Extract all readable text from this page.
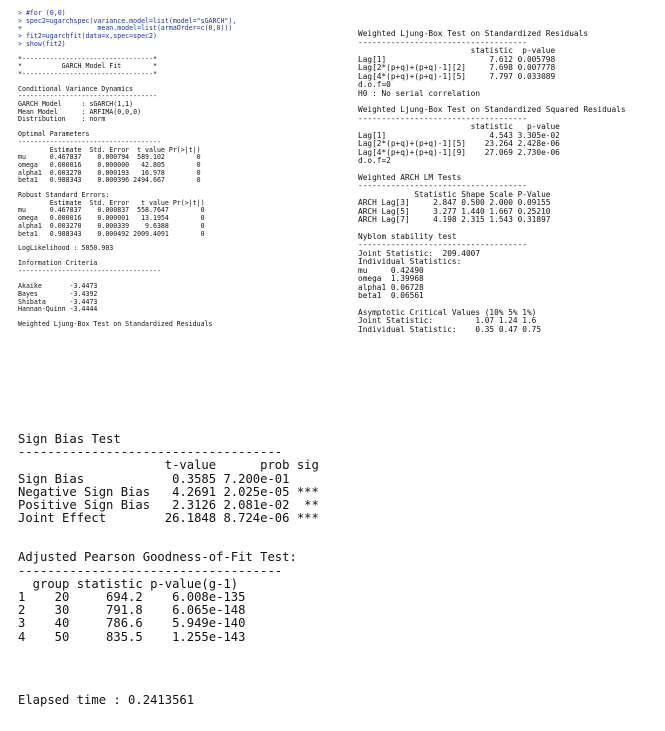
> #for (0,0)
> spec2=ugarchspec(variance.model=list(model="sGARCH"),
+                   mean.model=list(armaOrder=c(0,0)))
> fit2=ugarchfit(data=x,spec=spec2)
> show(fit2)
*---------------------------------*
*          GARCH Model Fit        *
*---------------------------------*
Conditional Variance Dynamics
-----------------------------------
GARCH Model     : sGARCH(1,1)
Mean Model      : ARFIMA(0,0,0)
Distribution    : norm
Optimal Parameters
------------------------------------
Estimate  Std. Error  t value Pr(>|t|)
mu      0.467837    0.000794  589.102        0
omega   0.000016    0.000000   42.805        0
alpha1  0.003270    0.000193   16.978        0
beta1   0.988343    0.000396 2494.667        0
Robust Standard Errors:
Estimate  Std. Error   t value Pr(>|t|)
mu      0.467837    0.000837  558.7647        0
omega   0.000016    0.000001   13.1954        0
alpha1  0.003270    0.000339    9.6388        0
beta1   0.988343    0.000492 2009.4091        0
LogLikelihood : 5050.903
Information Criteria
------------------------------------

Akaike       -3.4473
Bayes        -3.4392
Shibata      -3.4473
Hannan-Quinn -3.4444
Weighted Ljung-Box Test on Standardized Residuals
Weighted Ljung-Box Test on Standardized Residuals
------------------------------------
statistic  p-value
Lag[1]                      7.612 0.005798
Lag[2*(p+q)+(p+q)-1][2]     7.698 0.007778
Lag[4*(p+q)+(p+q)-1][5]     7.797 0.033089
d.o.f=0
H0 : No serial correlation
Weighted Ljung-Box Test on Standardized Squared Residuals
------------------------------------
statistic   p-value
Lag[1]                      4.543 3.305e-02
Lag[2*(p+q)+(p+q)-1][5]    23.264 2.428e-06
Lag[4*(p+q)+(p+q)-1][9]    27.069 2.730e-06
d.o.f=2
Weighted ARCH LM Tests
------------------------------------
Statistic Shape Scale P-Value
ARCH Lag[3]     2.847 0.500 2.000 0.09155
ARCH Lag[5]     3.277 1.440 1.667 0.25210
ARCH Lag[7]     4.198 2.315 1.543 0.31897
Nyblom stability test
------------------------------------
Joint Statistic:  209.4007
Individual Statistics:
mu     0.42490
omega  1.39968
alpha1 0.06728
beta1  0.06561
Asymptotic Critical Values (10% 5% 1%)
Joint Statistic:         1.07 1.24 1.6
Individual Statistic:    0.35 0.47 0.75
Sign Bias Test
------------------------------------
t-value      prob sig
Sign Bias            0.3585 7.200e-01
Negative Sign Bias   4.2691 2.025e-05 ***
Positive Sign Bias   2.3126 2.081e-02  **
Joint Effect        26.1848 8.724e-06 ***
Adjusted Pearson Goodness-of-Fit Test:
------------------------------------
group statistic p-value(g-1)
1    20     694.2    6.008e-135
2    30     791.8    6.065e-148
3    40     786.6    5.949e-140
4    50     835.5    1.255e-143
Elapsed time : 0.2413561
